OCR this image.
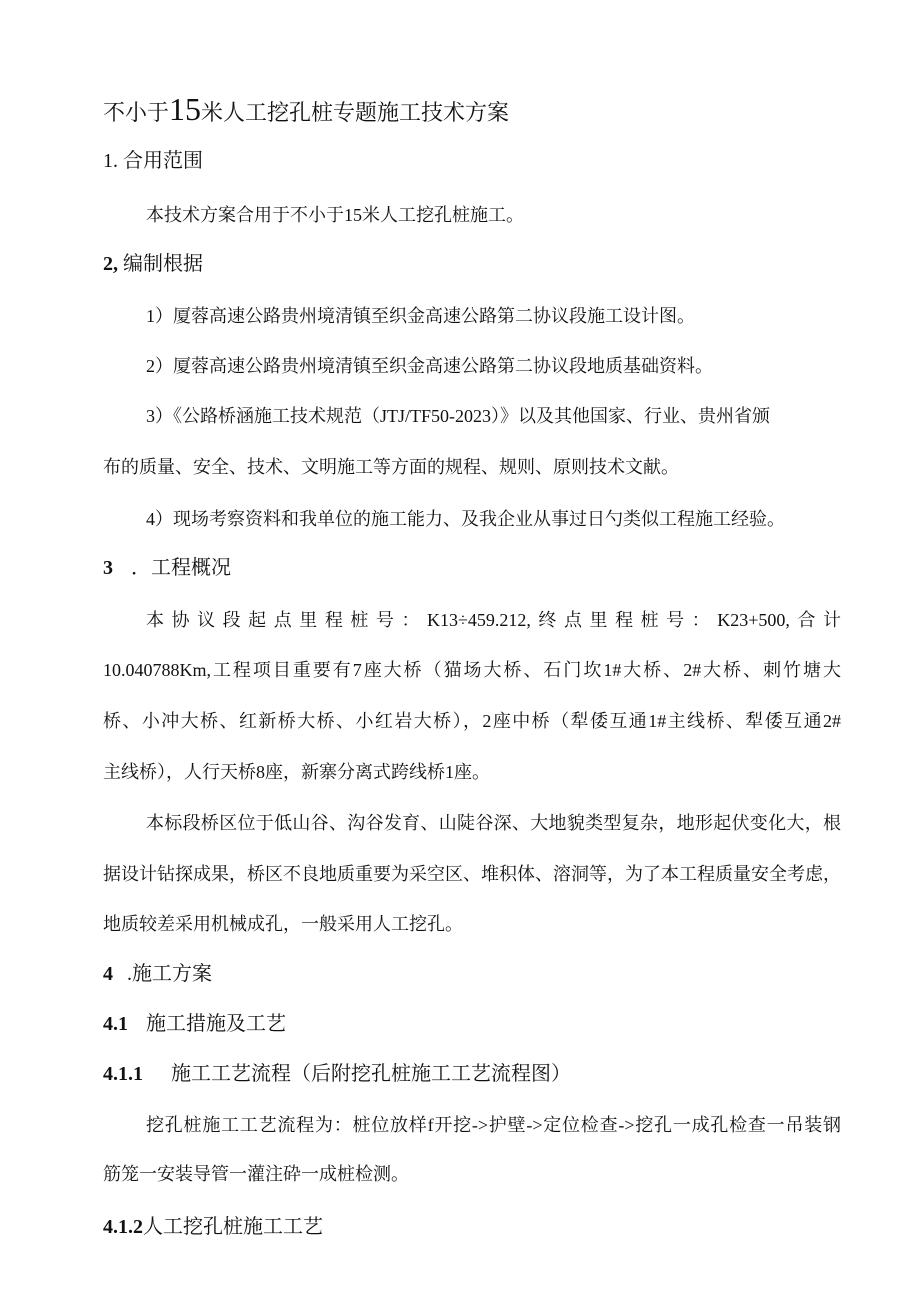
不小于15米人工挖孔桩专题施工技术方案
1. 合用范围
本技术方案合用于不小于15米人工挖孔桩施工。
2, 编制根据
1）厦蓉高速公路贵州境清镇至织金高速公路第二协议段施工设计图。
2）厦蓉高速公路贵州境清镇至织金高速公路第二协议段地质基础资料。
3）《公路桥涵施工技术规范（JTJ/TF50-2023）》以及其他国家、行业、贵州省颁
布的质量、安全、技术、文明施工等方面的规程、规则、原则技术文献。
4）现场考察资料和我单位的施工能力、及我企业从事过日勺类似工程施工经验。
3 ．工程概况
本协议段起点里程桩号：K13÷459.212,终点里程桩号：K23+500,合计
10.040788Km,工程项目重要有7座大桥（猫场大桥、石门坎1#大桥、2#大桥、刺竹塘大
桥、小冲大桥、红新桥大桥、小红岩大桥），2座中桥（犁倭互通1#主线桥、犁倭互通2#
主线桥），人行天桥8座，新寨分离式跨线桥1座。
本标段桥区位于低山谷、沟谷发育、山陡谷深、大地貌类型复杂，地形起伏变化大，根
据设计钻探成果，桥区不良地质重要为采空区、堆积体、溶洞等，为了本工程质量安全考虑，
地质较差采用机械成孔，一般采用人工挖孔。
4 .施工方案
4.1 施工措施及工艺
4.1.1 施工工艺流程（后附挖孔桩施工工艺流程图）
挖孔桩施工工艺流程为：桩位放样f开挖->护壁->定位检查->挖孔一成孔检查一吊装钢
筋笼一安装导管一灌注砕一成桩检测。
4.1.2人工挖孔桩施工工艺
